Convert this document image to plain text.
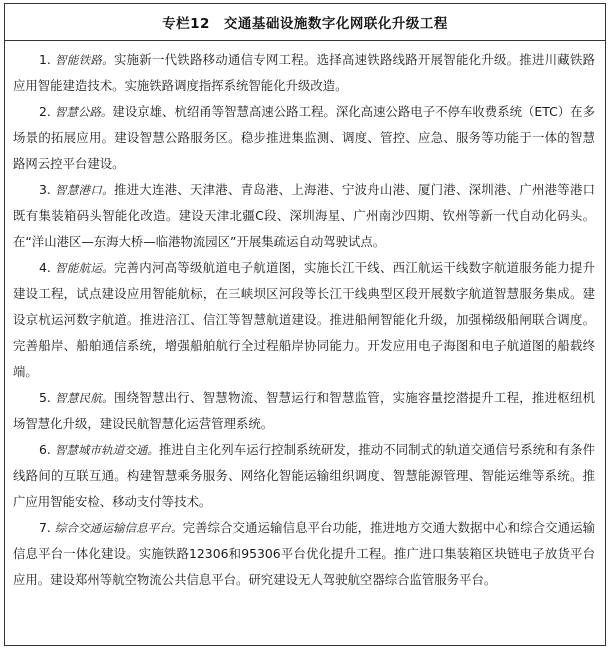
专栏12 交通基础设施数字化网联化升级工程

1. 智能铁路。实施新一代铁路移动通信专网工程。选择高速铁路线路开展智能化升级。推进川藏铁路应用智能建造技术。实施铁路调度指挥系统智能化升级改造。

2. 智慧公路。建设京雄、杭绍甬等智慧高速公路工程。深化高速公路电子不停车收费系统（ETC）在多场景的拓展应用。建设智慧公路服务区。稳步推进集监测、调度、管控、应急、服务等功能于一体的智慧路网云控平台建设。

3. 智慧港口。推进大连港、天津港、青岛港、上海港、宁波舟山港、厦门港、深圳港、广州港等港口既有集装箱码头智能化改造。建设天津北疆C段、深圳海星、广州南沙四期、钦州等新一代自动化码头。在“洋山港区—东海大桥—临港物流园区”开展集疏运自动驾驶试点。

4. 智能航运。完善内河高等级航道电子航道图，实施长江干线、西江航运干线数字航道服务能力提升建设工程，试点建设应用智能航标，在三峡坝区河段等长江干线典型区段开展数字航道智慧服务集成。建设京杭运河数字航道。推进涪江、信江等智慧航道建设。推进船闸智能化升级，加强梯级船闸联合调度。完善船岸、船舶通信系统，增强船舶航行全过程船岸协同能力。开发应用电子海图和电子航道图的船载终端。

5. 智慧民航。围绕智慧出行、智慧物流、智慧运行和智慧监管，实施容量挖潜提升工程，推进枢纽机场智慧化升级，建设民航智慧化运营管理系统。

6. 智慧城市轨道交通。推进自主化列车运行控制系统研发，推动不同制式的轨道交通信号系统和有条件线路间的互联互通。构建智慧乘务服务、网络化智能运输组织调度、智慧能源管理、智能运维等系统。推广应用智能安检、移动支付等技术。

7. 综合交通运输信息平台。完善综合交通运输信息平台功能，推进地方交通大数据中心和综合交通运输信息平台一体化建设。实施铁路12306和95306平台优化提升工程。推广进口集装箱区块链电子放货平台应用。建设郑州等航空物流公共信息平台。研究建设无人驾驶航空器综合监管服务平台。
